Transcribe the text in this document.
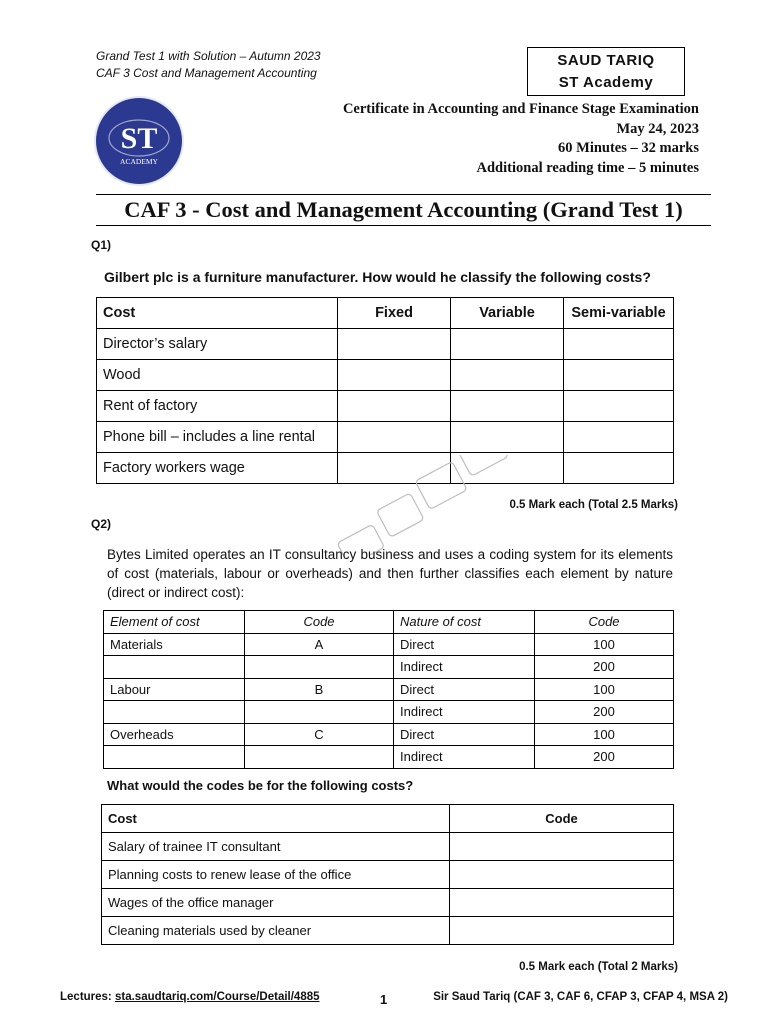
Grand Test 1 with Solution – Autumn 2023
CAF 3 Cost and Management Accounting
SAUD TARIQ
ST Academy
ST
ACADEMY
Certificate in Accounting and Finance Stage Examination
May 24, 2023
60 Minutes – 32 marks
Additional reading time – 5 minutes
CAF 3 - Cost and Management Accounting (Grand Test 1)
Q1)
Gilbert plc is a furniture manufacturer. How would he classify the following costs?
Cost	Fixed	Variable	Semi-variable
Director’s salary			
Wood			
Rent of factory			
Phone bill – includes a line rental			
Factory workers wage			
0.5 Mark each (Total 2.5 Marks)
Q2)
Bytes Limited operates an IT consultancy business and uses a coding system for its elements of cost (materials, labour or overheads) and then further classifies each element by nature (direct or indirect cost):
Element of cost	Code	Nature of cost	Code
Materials	A	Direct	100
		Indirect	200
Labour	B	Direct	100
		Indirect	200
Overheads	C	Direct	100
		Indirect	200
What would the codes be for the following costs?
Cost	Code
Salary of trainee IT consultant	
Planning costs to renew lease of the office	
Wages of the office manager	
Cleaning materials used by cleaner	
0.5 Mark each (Total 2 Marks)
Lectures: sta.saudtariq.com/Course/Detail/4885	1	Sir Saud Tariq (CAF 3, CAF 6, CFAP 3, CFAP 4, MSA 2)
